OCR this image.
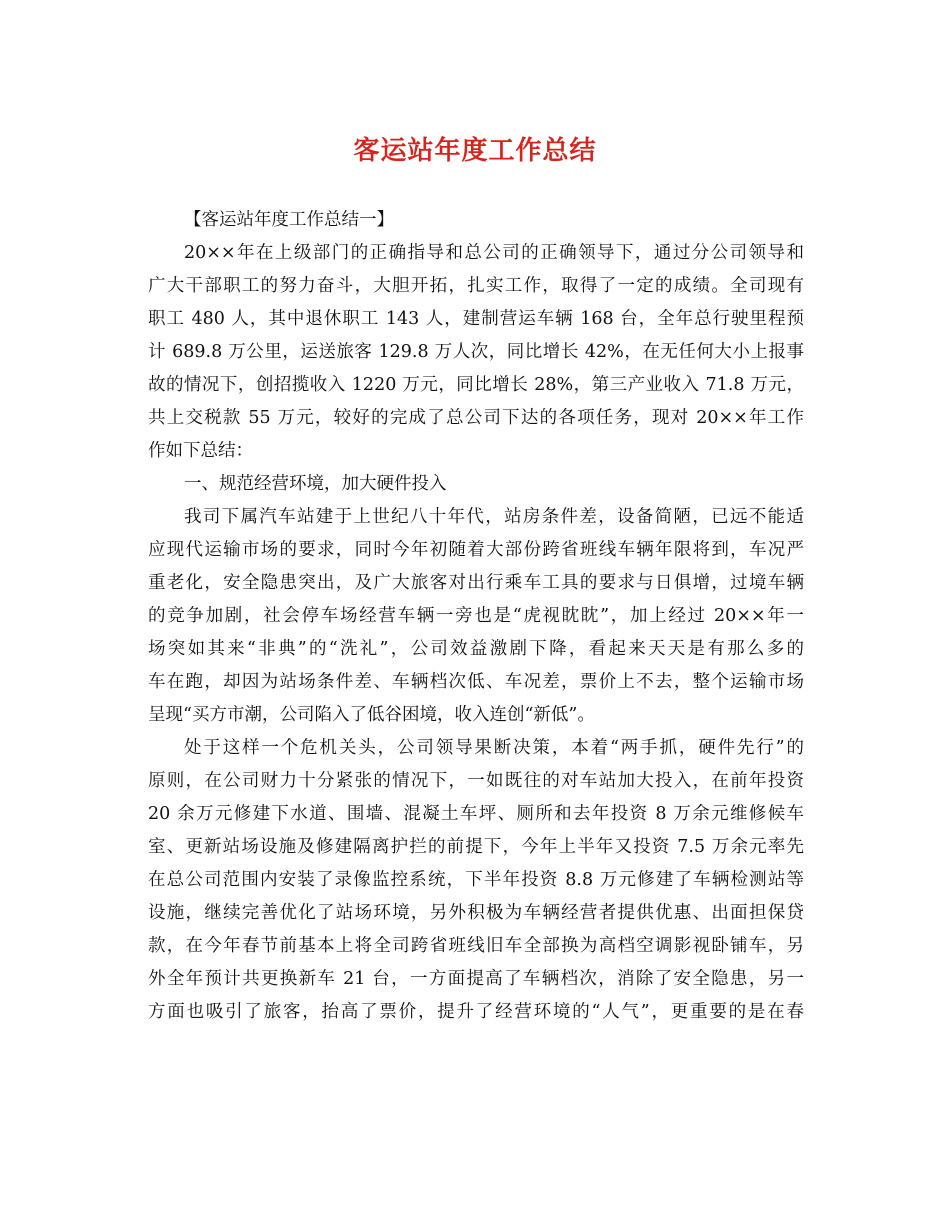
客运站年度工作总结
【客运站年度工作总结一】
20××年在上级部门的正确指导和总公司的正确领导下，通过分公司领导和
广大干部职工的努力奋斗，大胆开拓，扎实工作，取得了一定的成绩。全司现有
职工 480 人，其中退休职工 143 人，建制营运车辆 168 台，全年总行驶里程预
计 689.8 万公里，运送旅客 129.8 万人次，同比增长 42%，在无任何大小上报事
故的情况下，创招揽收入 1220 万元，同比增长 28%，第三产业收入 71.8 万元，
共上交税款 55 万元，较好的完成了总公司下达的各项任务，现对 20××年工作
作如下总结：
一、规范经营环境，加大硬件投入
我司下属汽车站建于上世纪八十年代，站房条件差，设备简陋，已远不能适
应现代运输市场的要求，同时今年初随着大部份跨省班线车辆年限将到，车况严
重老化，安全隐患突出，及广大旅客对出行乘车工具的要求与日俱增，过境车辆
的竞争加剧，社会停车场经营车辆一旁也是“虎视眈眈”，加上经过 20××年一
场突如其来“非典”的“洗礼”，公司效益激剧下降，看起来天天是有那么多的
车在跑，却因为站场条件差、车辆档次低、车况差，票价上不去，整个运输市场
呈现“买方市潮，公司陷入了低谷困境，收入连创“新低”。
处于这样一个危机关头，公司领导果断决策，本着“两手抓，硬件先行”的
原则，在公司财力十分紧张的情况下，一如既往的对车站加大投入，在前年投资
20 余万元修建下水道、围墙、混凝土车坪、厕所和去年投资 8 万余元维修候车
室、更新站场设施及修建隔离护拦的前提下，今年上半年又投资 7.5 万余元率先
在总公司范围内安装了录像监控系统，下半年投资 8.8 万元修建了车辆检测站等
设施，继续完善优化了站场环境，另外积极为车辆经营者提供优惠、出面担保贷
款，在今年春节前基本上将全司跨省班线旧车全部换为高档空调影视卧铺车，另
外全年预计共更换新车 21 台，一方面提高了车辆档次，消除了安全隐患，另一
方面也吸引了旅客，抬高了票价，提升了经营环境的“人气”，更重要的是在春
